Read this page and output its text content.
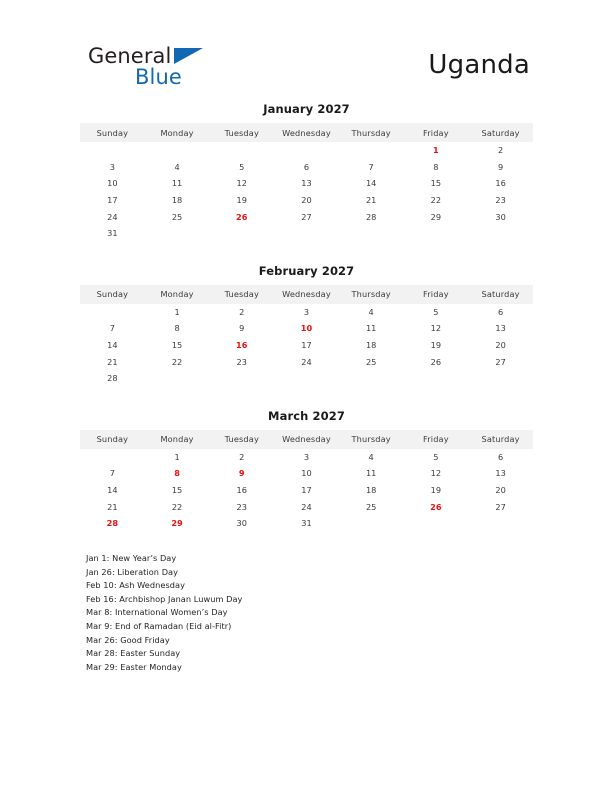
General
Blue	Uganda
January 2027
Sunday	Monday	Tuesday	Wednesday	Thursday	Friday	Saturday
					1	2
3	4	5	6	7	8	9
10	11	12	13	14	15	16
17	18	19	20	21	22	23
24	25	26	27	28	29	30
31						
February 2027
Sunday	Monday	Tuesday	Wednesday	Thursday	Friday	Saturday
	1	2	3	4	5	6
7	8	9	10	11	12	13
14	15	16	17	18	19	20
21	22	23	24	25	26	27
28						
March 2027
Sunday	Monday	Tuesday	Wednesday	Thursday	Friday	Saturday
	1	2	3	4	5	6
7	8	9	10	11	12	13
14	15	16	17	18	19	20
21	22	23	24	25	26	27
28	29	30	31			
Jan 1: New Year’s Day
Jan 26: Liberation Day
Feb 10: Ash Wednesday
Feb 16: Archbishop Janan Luwum Day
Mar 8: International Women’s Day
Mar 9: End of Ramadan (Eid al-Fitr)
Mar 26: Good Friday
Mar 28: Easter Sunday
Mar 29: Easter Monday
